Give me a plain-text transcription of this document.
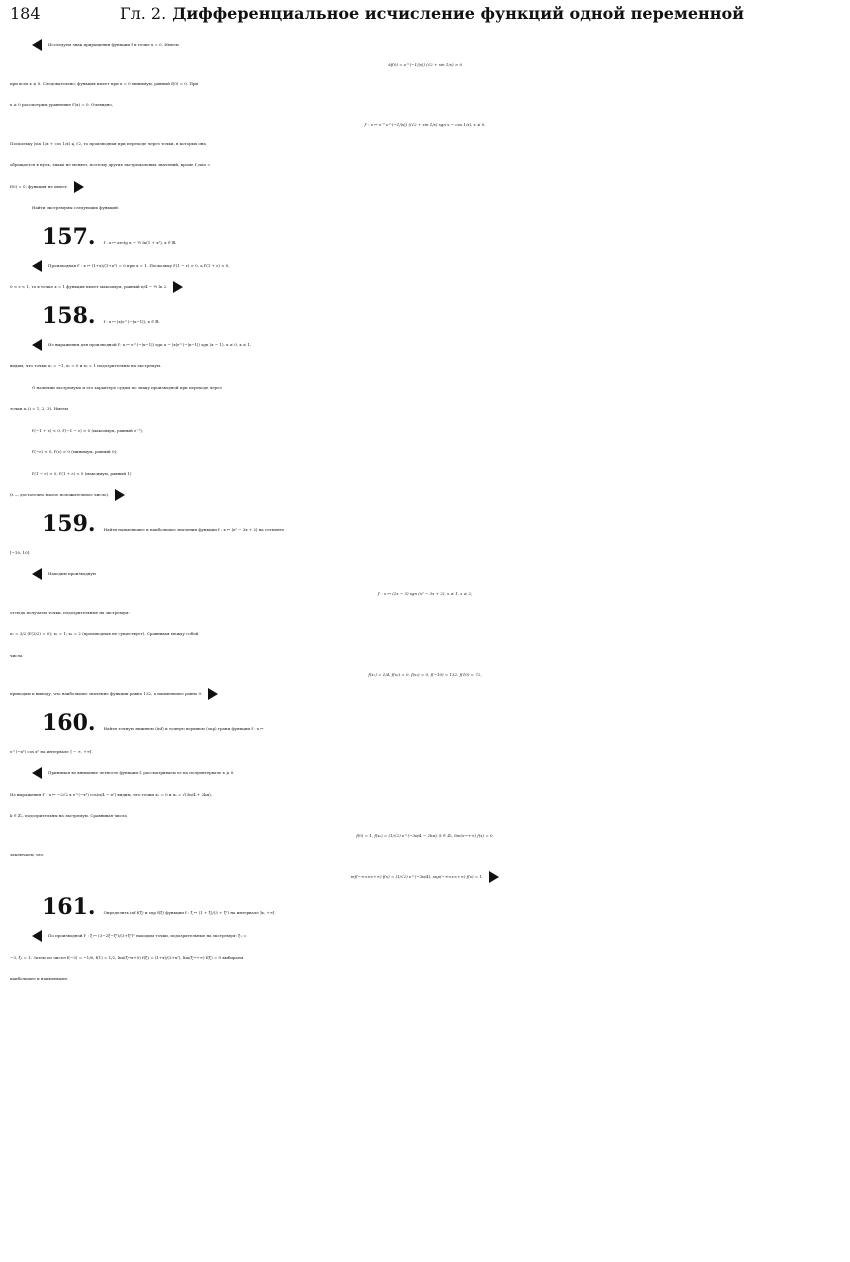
184	Гл. 2. Дифференциальное исчисление функций одной переменной

Исследуем знак приращения функции f в точке x = 0. Имеем

Δf(0) = e^(−1/|x|) (√2 + sin 1/x) > 0

при всех x ≠ 0. Следовательно, функция имеет при x = 0 минимум, равный f(0) = 0. При

x ≠ 0 рассмотрим уравнение f′(x) = 0. Очевидно,

f′ : x ↦ x⁻² e^(−1/|x|) ((√2 + sin 1/x) sgn x − cos 1/x), x ≠ 0.

Поскольку |sin 1/x + cos 1/x| ⩽ √2, то производная при переходе через точки, в которых она

обращается в нуль, знака не меняет, поэтому других экстремальных значений, кроме f_min =

f(0) = 0, функция не имеет.

Найти экстремумы следующих функций:

157. f : x ↦ arctg x − ½ ln(1 + x²), x ∈ ℝ.

Производная f′ : x ↦ (1+x)/(1+x²) = 0 при x = 1. Поскольку f′(1 − ε) > 0, а f′(1 + ε) < 0,

0 < ε < 1, то в точке x = 1 функция имеет максимум, равный π/4 − ½ ln 2.

158. f : x ↦ |x|e^(−|x−1|), x ∈ ℝ.

Из выражения для производной f′: x ↦ e^(−|x−1|) sgn x − |x|e^(−|x−1|) sgn (x − 1), x ≠ 0, x ≠ 1,

видим, что точки x₁ = −1, x₂ = 0 и x₃ = 1 подозрительны на экстремум.

О наличии экстремума и его характере судим по знаку производной при переходе через

точки xᵢ (i = 1, 2, 3). Имеем

f′(−1 + ε) < 0, f′(−1 − ε) > 0 (максимум, равный e⁻²);

f′(−ε) < 0, f′(ε) > 0 (минимум, равный 0);

f′(1 − ε) > 0, f′(1 + ε) < 0 (максимум, равный 1)

(ε — достаточно малое положительное число).

159. Найти наименьшее и наибольшее значения функции f : x ↦ |x² − 3x + 2| на сегменте

[−10, 10].

Находим производную

f′ : x ↦ (2x − 3) sgn (x² − 3x + 2), x ≠ 1, x ≠ 2;

отсюда получаем точки, подозрительные на экстремум:

x₁ = 3/2 (f′(3/2) = 0); x₂ = 1; x₃ = 2 (производная не существует). Сравнивая между собой

числа

f(x₁) = 1/4, f(x₂) = 0, f(x₃) = 0, f(−10) = 132, f(10) = 72,

приходим к выводу, что наибольшее значение функции равно 132, а наименьшее равно 0.

160. Найти точную нижнюю (inf) и точную верхнюю (sup) грани функции f : x ↦

e^(−x²) cos x² на интервале ] − ∞, +∞[.

Принимая во внимание четность функции f, рассматриваем ее на полуинтервале x ⩾ 0.

Из выражения f′ : x ↦ −2√2 x e^(−x²) cos(π/4 − x²) видим, что точки x₁ = 0 и xₖ = √(3π/4 + 2kπ),

k ∈ ℤ₀, подозрительны на экстремум. Сравнивая числа

f(0) = 1, f(xₖ) = (1/√2) e^(−3π/4 − 2kπ), k ∈ ℤ₀, lim(x→+∞) f(x) = 0,

заключаем, что

inf(−∞<x<+∞) f(x) = (1/√2) e^(−3π/4), sup(−∞<x<+∞) f(x) = 1.

161. Определить inf f(ξ) и sup f(ξ) функции f : ξ ↦ (1 + ξ)/(3 + ξ²) на интервале ]x, +∞[.

По производной f′ : ξ ↦ (3−2ξ−ξ²)/(3+ξ²)² находим точки, подозрительные на экстремум: ξ₁ =

−3, ξ₂ = 1. Затем из чисел f(−3) = −1/6, f(1) = 1/2, lim(ξ→x+0) f(ξ) = (1+x)/(3+x²), lim(ξ→+∞) f(ξ) = 0 выбираем

наибольшее и наименьшее.
